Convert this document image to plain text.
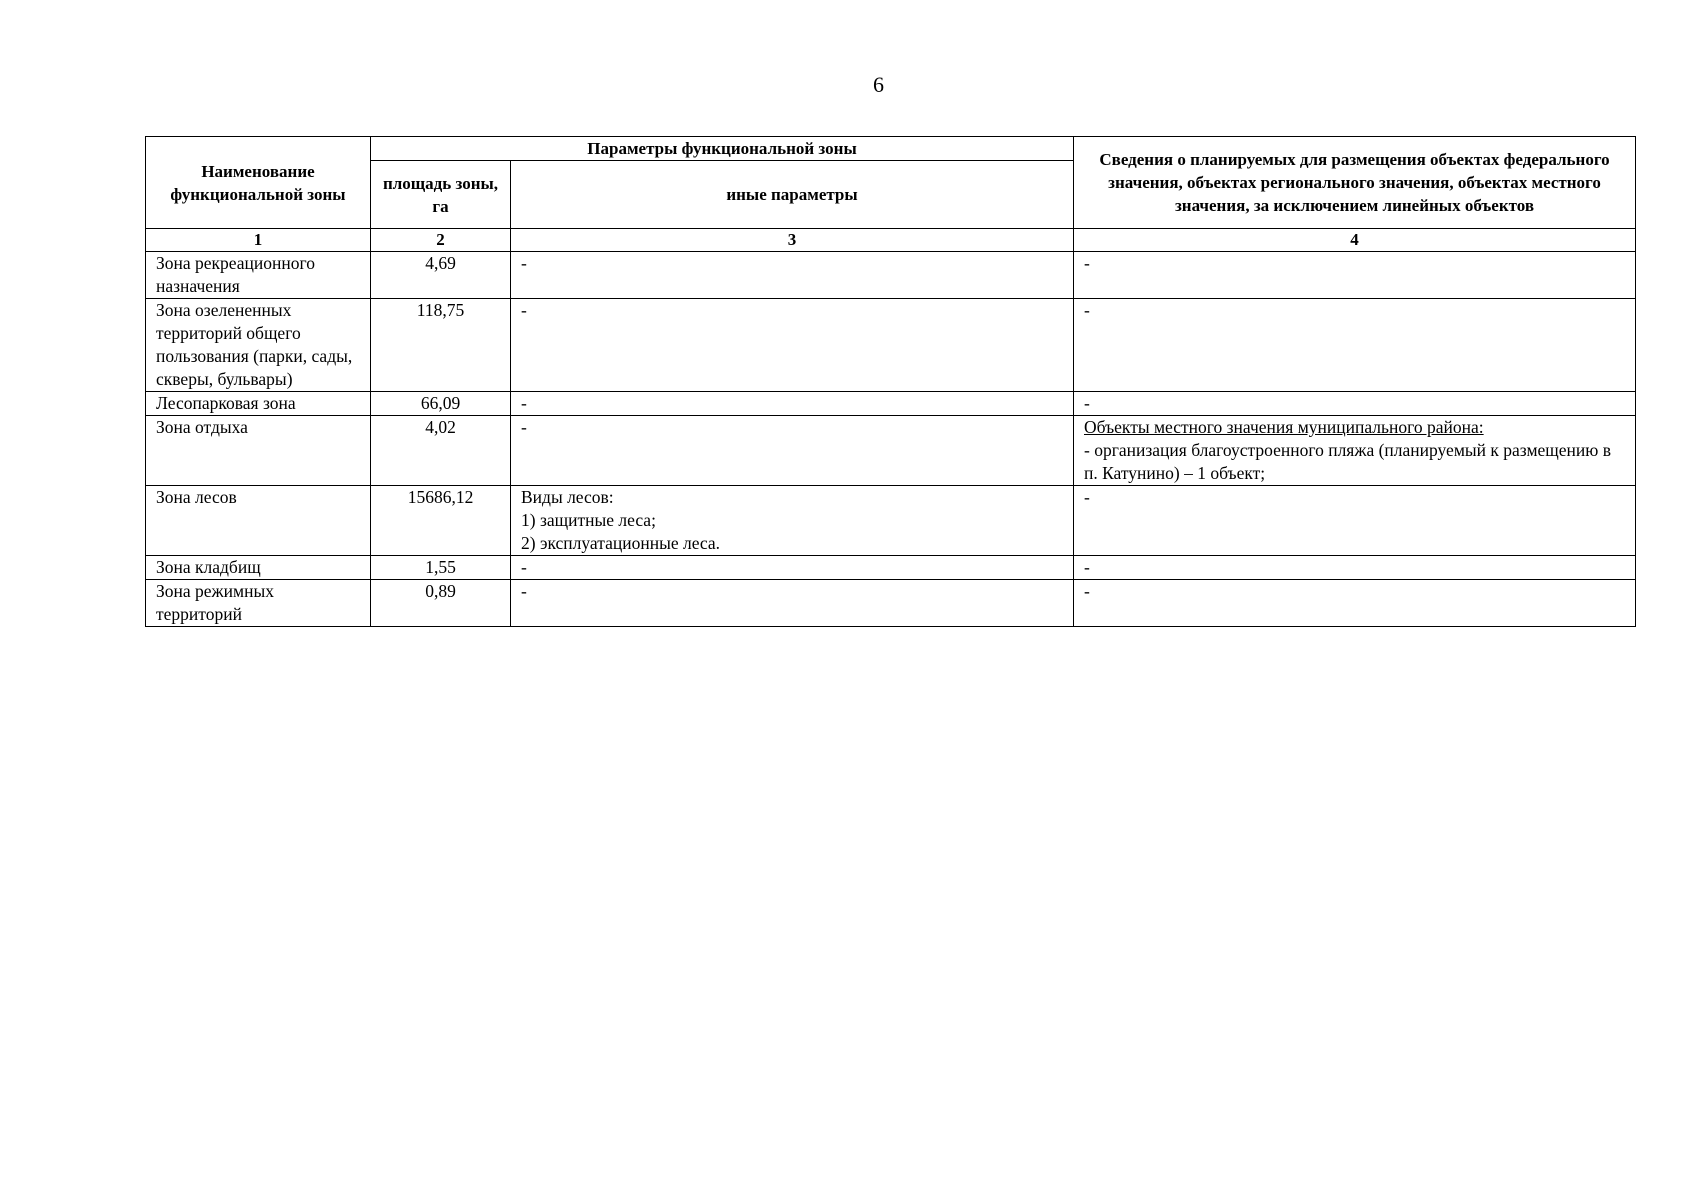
6
Наименование функциональной зоны	Параметры функциональной зоны		Сведения о планируемых для размещения объектах федерального значения, объектах регионального значения, объектах местного значения, за исключением линейных объектов
	площадь зоны, га	иные параметры	
1	2	3	4
Зона рекреационного назначения	4,69	-	-

Зона озелененных территорий общего пользования (парки, сады, скверы, бульвары)	118,75	-	-

Лесопарковая зона	66,09	-	-

Зона отдыха	4,02	-	Объекты местного значения муниципального района:
- организация благоустроенного пляжа (планируемый к размещению в п. Катунино) – 1 объект;

Зона лесов	15686,12	Виды лесов:
1) защитные леса;
2) эксплуатационные леса.	-

Зона кладбищ	1,55	-	-

Зона режимных территорий	0,89	-	-
